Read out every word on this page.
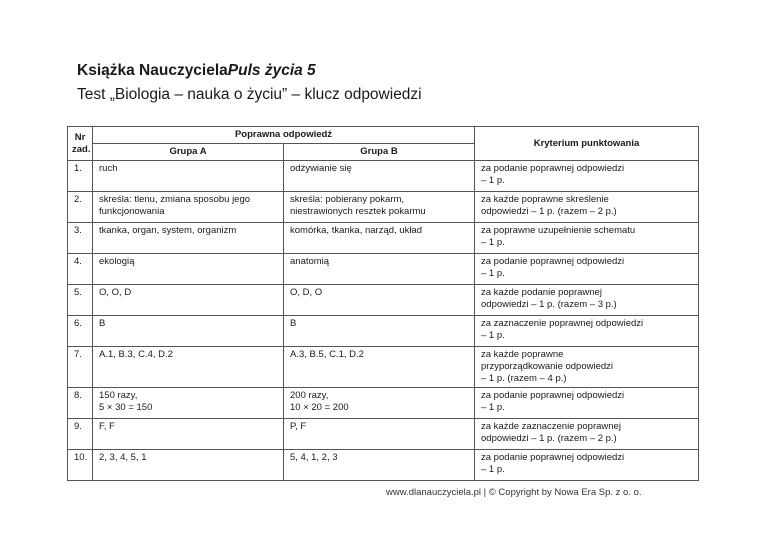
Książka NauczycielaPuls życia 5
Test „Biologia – nauka o życiu” – klucz odpowiedzi
Nr
zad.	Poprawna odpowiedź		Kryterium punktowania
	Grupa A	Grupa B	
1.	ruch	odżywianie się	za podanie poprawnej odpowiedzi
– 1 p.
2.	skreśla: tlenu, zmiana sposobu jego
funkcjonowania	skreśla: pobierany pokarm,
niestrawionych resztek pokarmu	za każde poprawne skreślenie
odpowiedzi – 1 p. (razem – 2 p.)
3.	tkanka, organ, system, organizm	komórka, tkanka, narząd, układ	za poprawne uzupełnienie schematu
– 1 p.
4.	ekologią	anatomią	za podanie poprawnej odpowiedzi
– 1 p.
5.	O, O, D	O, D, O	za każde podanie poprawnej
odpowiedzi – 1 p. (razem – 3 p.)
6.	B	B	za zaznaczenie poprawnej odpowiedzi
– 1 p.
7.	A.1, B.3, C.4, D.2	A.3, B.5, C.1, D.2	za każde poprawne
przyporządkowanie odpowiedzi
– 1 p. (razem – 4 p.)
8.	150 razy,
5 × 30 = 150	200 razy,
10 × 20 = 200	za podanie poprawnej odpowiedzi
– 1 p.
9.	F, F	P, F	za każde zaznaczenie poprawnej
odpowiedzi – 1 p. (razem – 2 p.)
10.	2, 3, 4, 5, 1	5, 4, 1, 2, 3	za podanie poprawnej odpowiedzi
– 1 p.
www.dlanauczyciela.pl | © Copyright by Nowa Era Sp. z o. o.
